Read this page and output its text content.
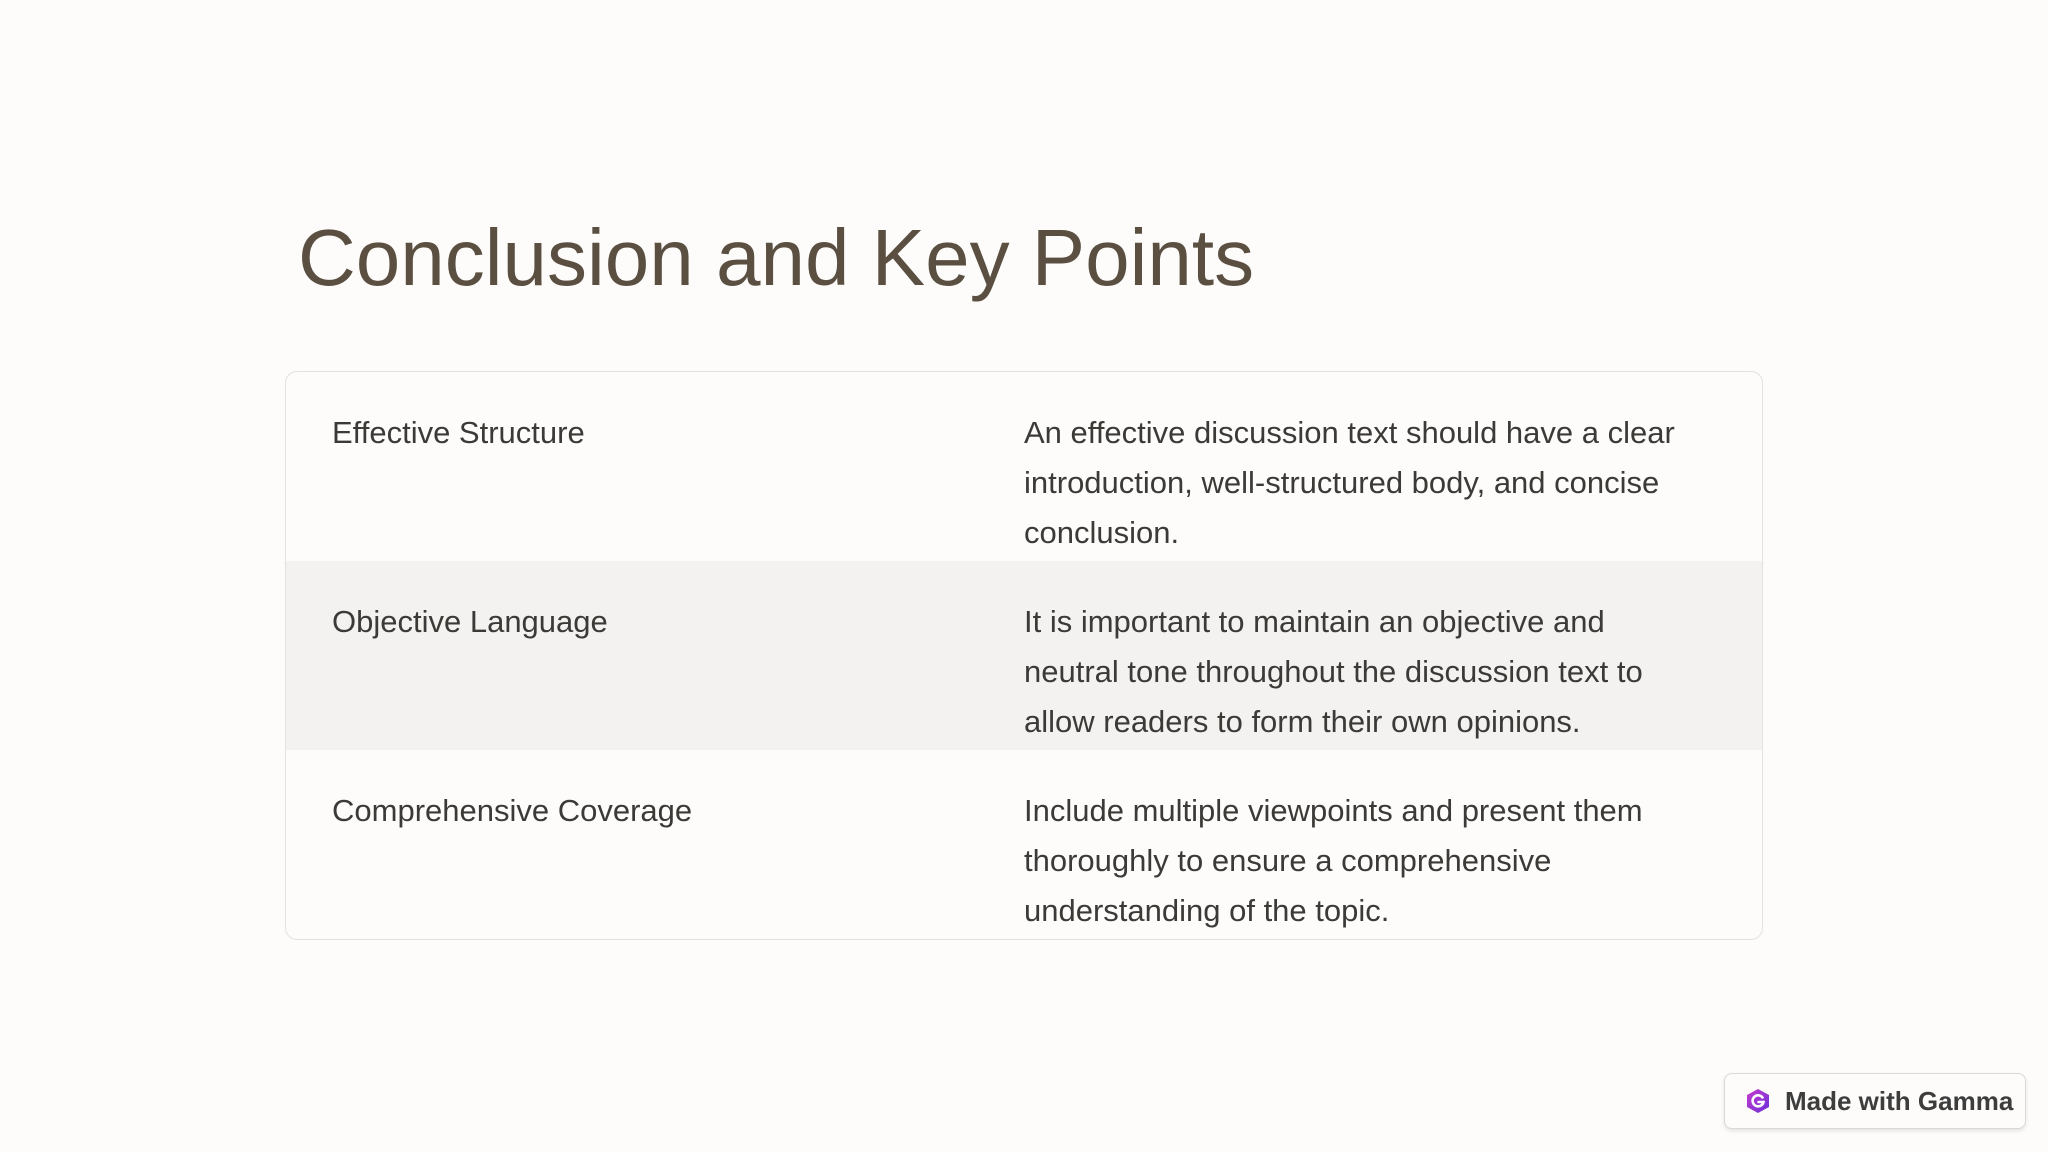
Conclusion and Key Points
Effective Structure	An effective discussion text should have a clear introduction, well-structured body, and concise conclusion.
Objective Language	It is important to maintain an objective and neutral tone throughout the discussion text to allow readers to form their own opinions.
Comprehensive Coverage	Include multiple viewpoints and present them thoroughly to ensure a comprehensive understanding of the topic.
Made with Gamma
